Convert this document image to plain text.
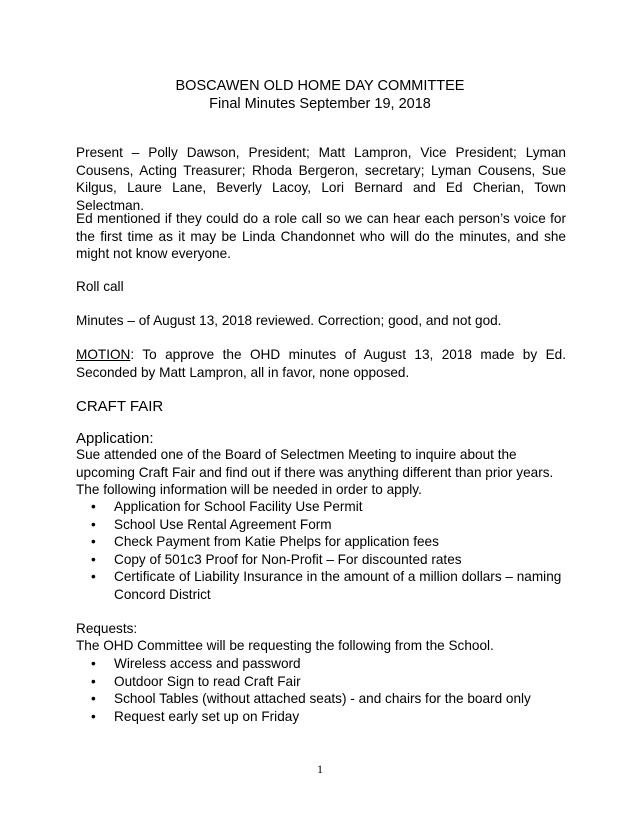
BOSCAWEN OLD HOME DAY COMMITTEE
Final Minutes September 19, 2018
Present – Polly Dawson, President; Matt Lampron, Vice President; Lyman Cousens, Acting Treasurer; Rhoda Bergeron, secretary; Lyman Cousens, Sue Kilgus, Laure Lane, Beverly Lacoy, Lori Bernard and Ed Cherian, Town Selectman.
Ed mentioned if they could do a role call so we can hear each person’s voice for the first time as it may be Linda Chandonnet who will do the minutes, and she might not know everyone.
Roll call
Minutes – of August 13, 2018 reviewed. Correction; good, and not god.
MOTION: To approve the OHD minutes of August 13, 2018 made by Ed. Seconded by Matt Lampron, all in favor, none opposed.
CRAFT FAIR
Application:
Sue attended one of the Board of Selectmen Meeting to inquire about the upcoming Craft Fair and find out if there was anything different than prior years.
The following information will be needed in order to apply.
• Application for School Facility Use Permit
• School Use Rental Agreement Form
• Check Payment from Katie Phelps for application fees
• Copy of 501c3 Proof for Non-Profit – For discounted rates
• Certificate of Liability Insurance in the amount of a million dollars – naming Concord District
Requests:
The OHD Committee will be requesting the following from the School.
• Wireless access and password
• Outdoor Sign to read Craft Fair
• School Tables (without attached seats) - and chairs for the board only
• Request early set up on Friday
1
